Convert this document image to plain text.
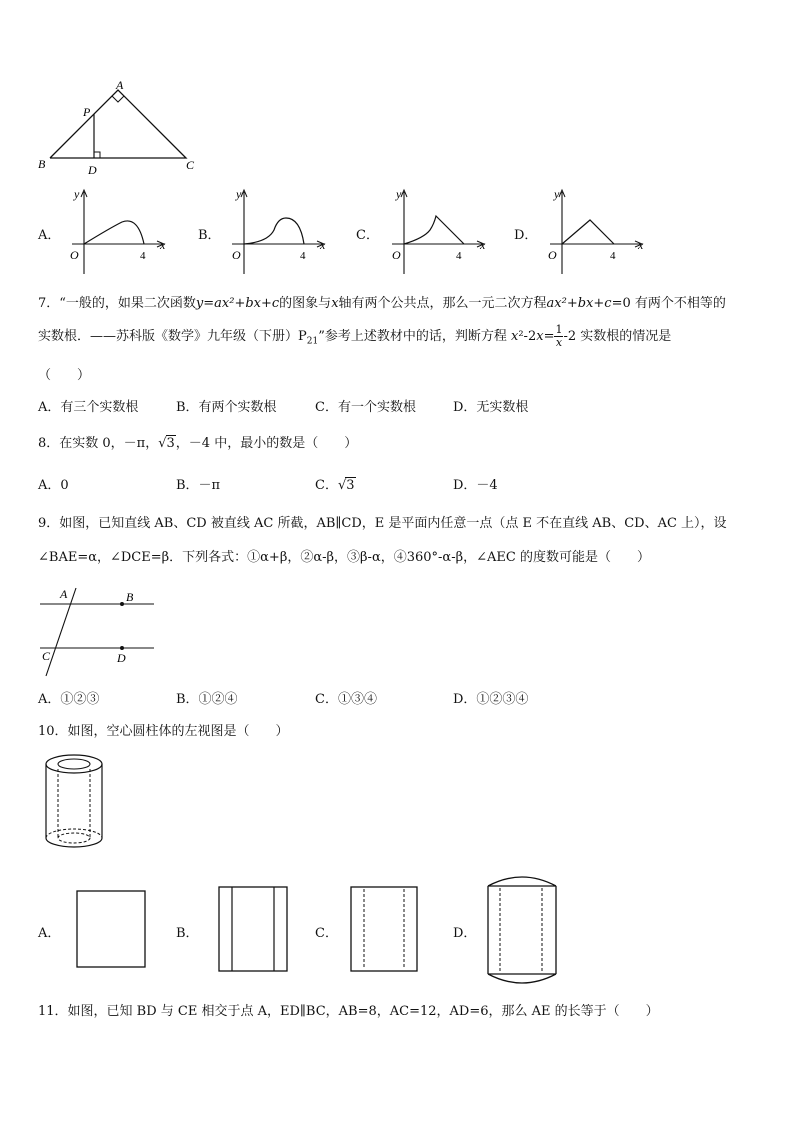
A
P
B	D	C
A．
y
x
O	4
B．
y
x
O	4
C．
y
x
O	4
D．
y
x
O	4
7．“一般的，如果二次函数y=ax²+bx+c的图象与x轴有两个公共点，那么一元二次方程ax²+bx+c=0 有两个不相等的
实数根．——苏科版《数学》九年级（下册）$P_{21}$”参考上述教材中的话，判断方程 $x^2-2x= \frac{1}{x} -2$ 实数根的情况是
（　　）
A．有三个实数根	B．有两个实数根	C．有一个实数根	D．无实数根
8．在实数 0，－π，√3，－4 中，最小的数是（　　）
A．0	B．－π	C．√3	D．－4
9．如图，已知直线 AB、CD 被直线 AC 所截，AB∥CD，E 是平面内任意一点（点 E 不在直线 AB、CD、AC 上），设
∠BAE=α，∠DCE=β．下列各式：①α+β，②α-β，③β-α，④360°-α-β，∠AEC 的度数可能是（　　）
A	B
C	D
A．①②③	B．①②④	C．①③④	D．①②③④
10．如图，空心圆柱体的左视图是（　　）
A．	B．	C．	D．
11．如图，已知 BD 与 CE 相交于点 A，ED∥BC，AB=8，AC=12，AD=6，那么 AE 的长等于（　　）
